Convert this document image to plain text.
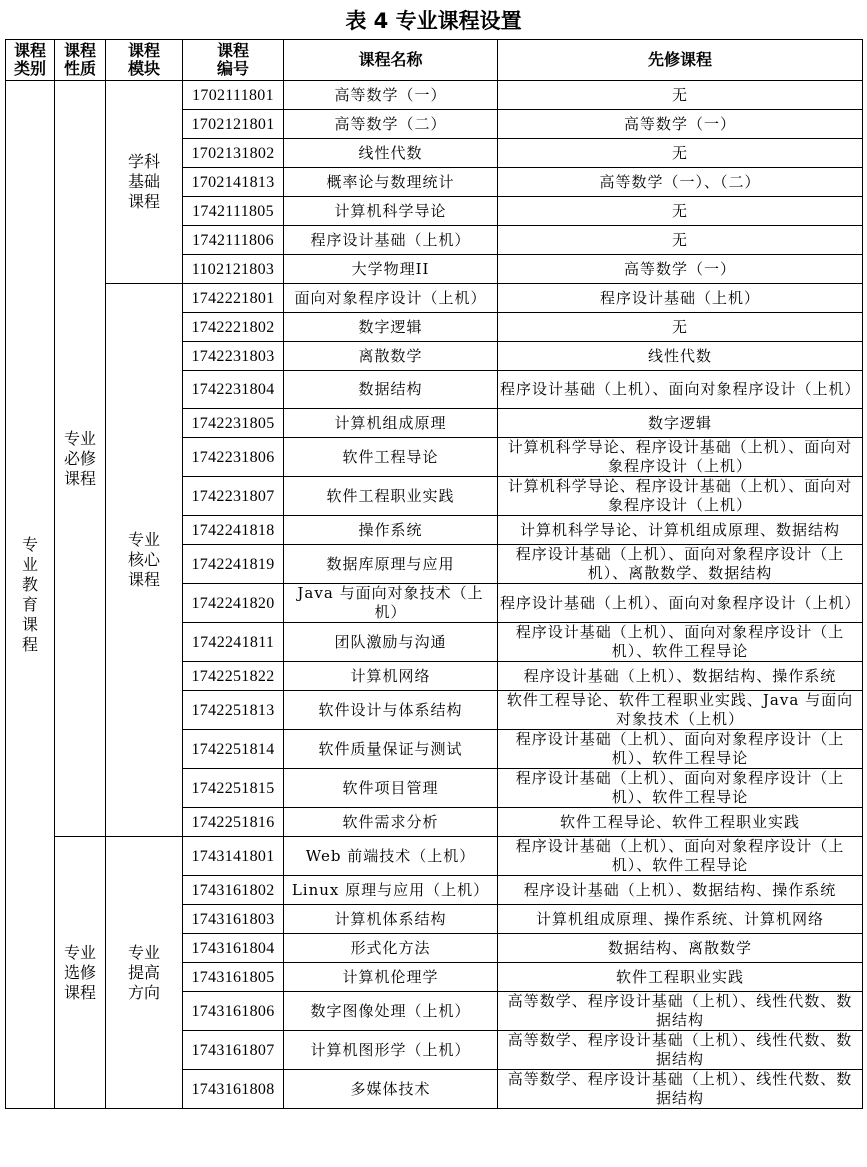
表 4 专业课程设置
课程类别	课程性质	课程模块	课程编号	课程名称	先修课程
专业教育课程	专业必修课程	学科基础课程	1702111801	高等数学（一）	无
			1702121801	高等数学（二）	高等数学（一）
			1702131802	线性代数	无
			1702141813	概率论与数理统计	高等数学（一）、（二）
			1742111805	计算机科学导论	无
			1742111806	程序设计基础（上机）	无
			1102121803	大学物理II	高等数学（一）
		专业核心课程	1742221801	面向对象程序设计（上机）	程序设计基础（上机）
			1742221802	数字逻辑	无
			1742231803	离散数学	线性代数
			1742231804	数据结构	程序设计基础（上机）、面向对象程序设计（上机）
			1742231805	计算机组成原理	数字逻辑
			1742231806	软件工程导论	计算机科学导论、程序设计基础（上机）、面向对象程序设计（上机）
			1742231807	软件工程职业实践	计算机科学导论、程序设计基础（上机）、面向对象程序设计（上机）
			1742241818	操作系统	计算机科学导论、计算机组成原理、数据结构
			1742241819	数据库原理与应用	程序设计基础（上机）、面向对象程序设计（上机）、离散数学、数据结构
			1742241820	Java 与面向对象技术（上机）	程序设计基础（上机）、面向对象程序设计（上机）
			1742241811	团队激励与沟通	程序设计基础（上机）、面向对象程序设计（上机）、软件工程导论
			1742251822	计算机网络	程序设计基础（上机）、数据结构、操作系统
			1742251813	软件设计与体系结构	软件工程导论、软件工程职业实践、Java 与面向对象技术（上机）
			1742251814	软件质量保证与测试	程序设计基础（上机）、面向对象程序设计（上机）、软件工程导论
			1742251815	软件项目管理	程序设计基础（上机）、面向对象程序设计（上机）、软件工程导论
			1742251816	软件需求分析	软件工程导论、软件工程职业实践
	专业选修课程	专业提高方向	1743141801	Web 前端技术（上机）	程序设计基础（上机）、面向对象程序设计（上机）、软件工程导论
			1743161802	Linux 原理与应用（上机）	程序设计基础（上机）、数据结构、操作系统
			1743161803	计算机体系结构	计算机组成原理、操作系统、计算机网络
			1743161804	形式化方法	数据结构、离散数学
			1743161805	计算机伦理学	软件工程职业实践
			1743161806	数字图像处理（上机）	高等数学、程序设计基础（上机）、线性代数、数据结构
			1743161807	计算机图形学（上机）	高等数学、程序设计基础（上机）、线性代数、数据结构
			1743161808	多媒体技术	高等数学、程序设计基础（上机）、线性代数、数据结构
